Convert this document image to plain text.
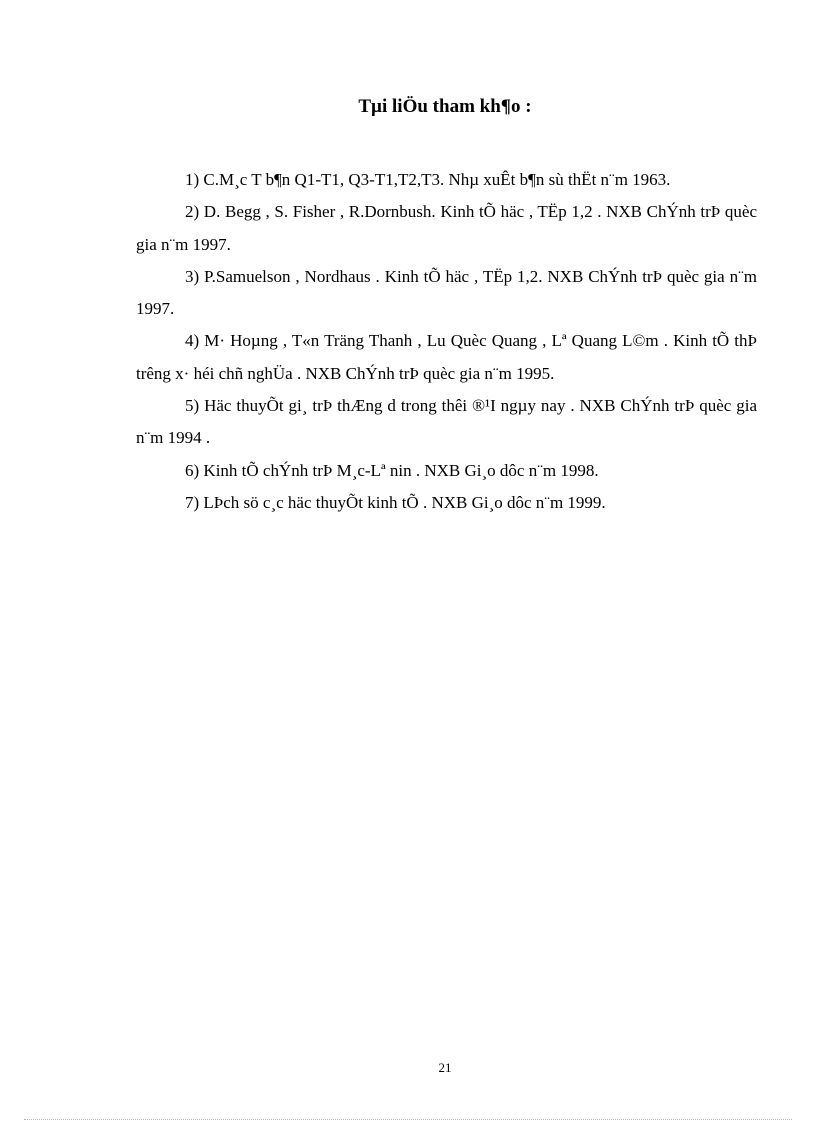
Tµi liÖu tham kh¶o :
1) C.M¸c T b¶n Q1-T1, Q3-T1,T2,T3. Nhµ xuÊt b¶n sù thËt n¨m 1963.
2) D. Begg , S. Fisher , R.Dornbush. Kinh tÕ häc , TËp 1,2 . NXB ChÝnh trÞ quèc gia n¨m 1997.
3) P.Samuelson , Nordhaus . Kinh tÕ häc , TËp 1,2. NXB ChÝnh trÞ quèc gia n¨m 1997.
4) M· Hoµng , T«n Träng Thanh , Lu Quèc Quang , Lª Quang L©m . Kinh tÕ thÞ trêng x· héi chñ nghÜa . NXB ChÝnh trÞ quèc gia n¨m 1995.
5) Häc thuyÕt gi¸ trÞ thÆng d trong thêi ®¹I ngµy nay . NXB ChÝnh trÞ quèc gia n¨m 1994 .
6) Kinh tÕ chÝnh trÞ M¸c-Lª nin . NXB Gi¸o dôc n¨m 1998.
7) LÞch sö c¸c häc thuyÕt kinh tÕ . NXB Gi¸o dôc n¨m 1999.
21
